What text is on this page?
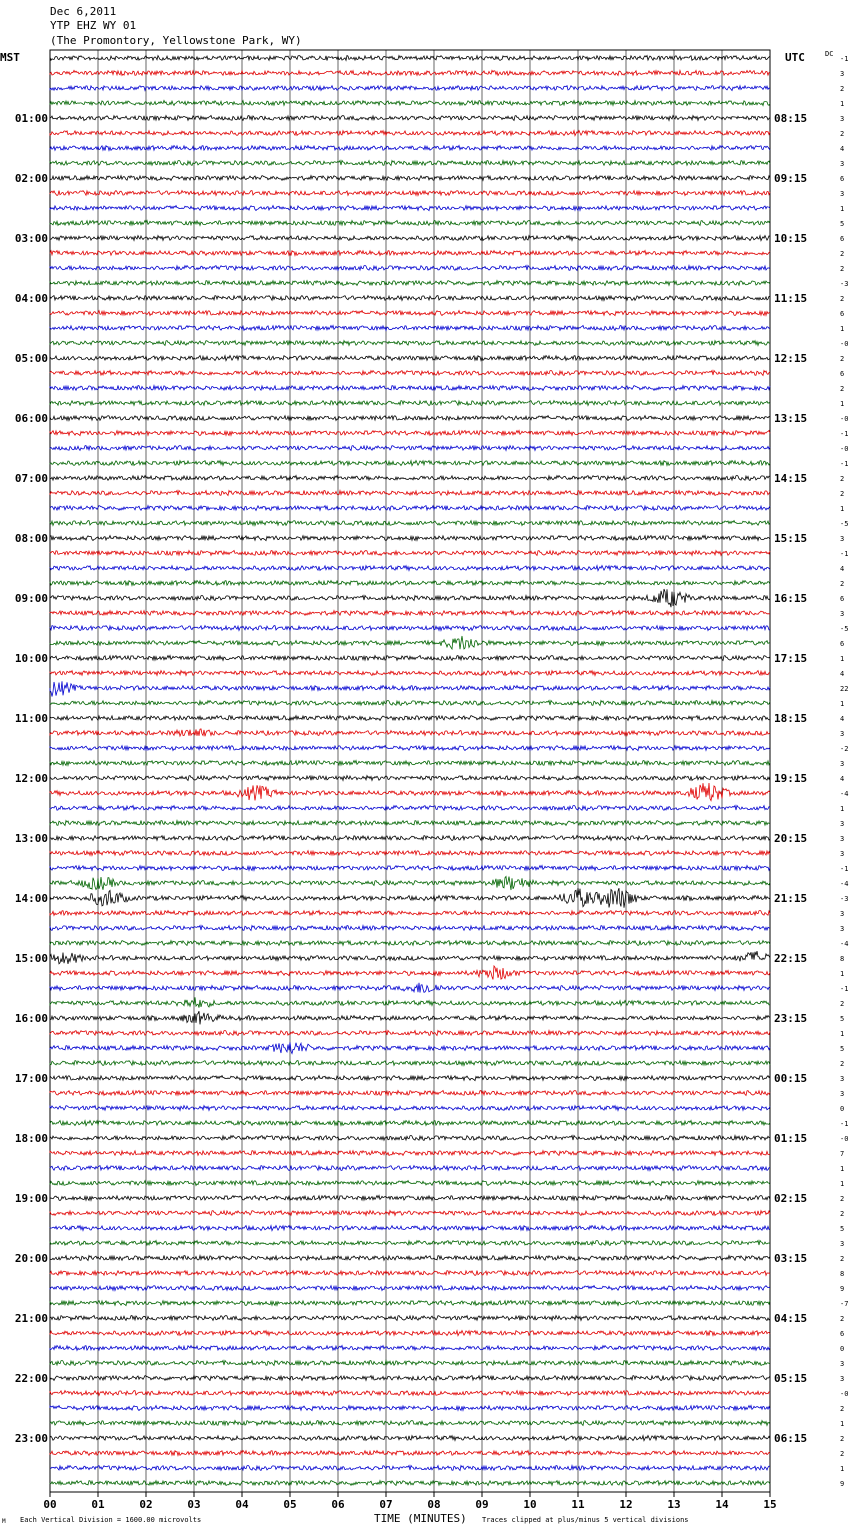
Dec 6,2011
YTP EHZ WY 01
(The Promontory, Yellowstone Park, WY)
MST	UTC	DC
-1
3
2
1
3
2
4
3
6
3
1
5
6
2
2
-3
2
6
1
-0
2
6
2
1
-0
-1
-0
-1
2
2
1
-5
3
-1
4
2
6
3
-5
6
1
4
22
1
4
3
-2
3
4
-4
1
3
3
3
-1
-4
-3
3
3
-4
8
1
-1
2
5
1
5
2
3
3
0
-1
-0
7
1
1
2
2
5
3
2
8
9
-7
2
6
0
3
3
-0
2
1
2
2
1
9
01:00
02:00
03:00
04:00
05:00
06:00
07:00
08:00
09:00
10:00
11:00
12:00
13:00
14:00
15:00
16:00
17:00
18:00
19:00
20:00
21:00
22:00
23:00
08:15
09:15
10:15
11:15
12:15
13:15
14:15
15:15
16:15
17:15
18:15
19:15
20:15
21:15
22:15
23:15
00:15
01:15
02:15
03:15
04:15
05:15
06:15
00	01	02	03	04	05	06	07	08	09	10	11	12	13	14	15
M Each Vertical Division = 1600.00 microvolts	TIME (MINUTES) Traces clipped at plus/minus 5 vertical divisions
